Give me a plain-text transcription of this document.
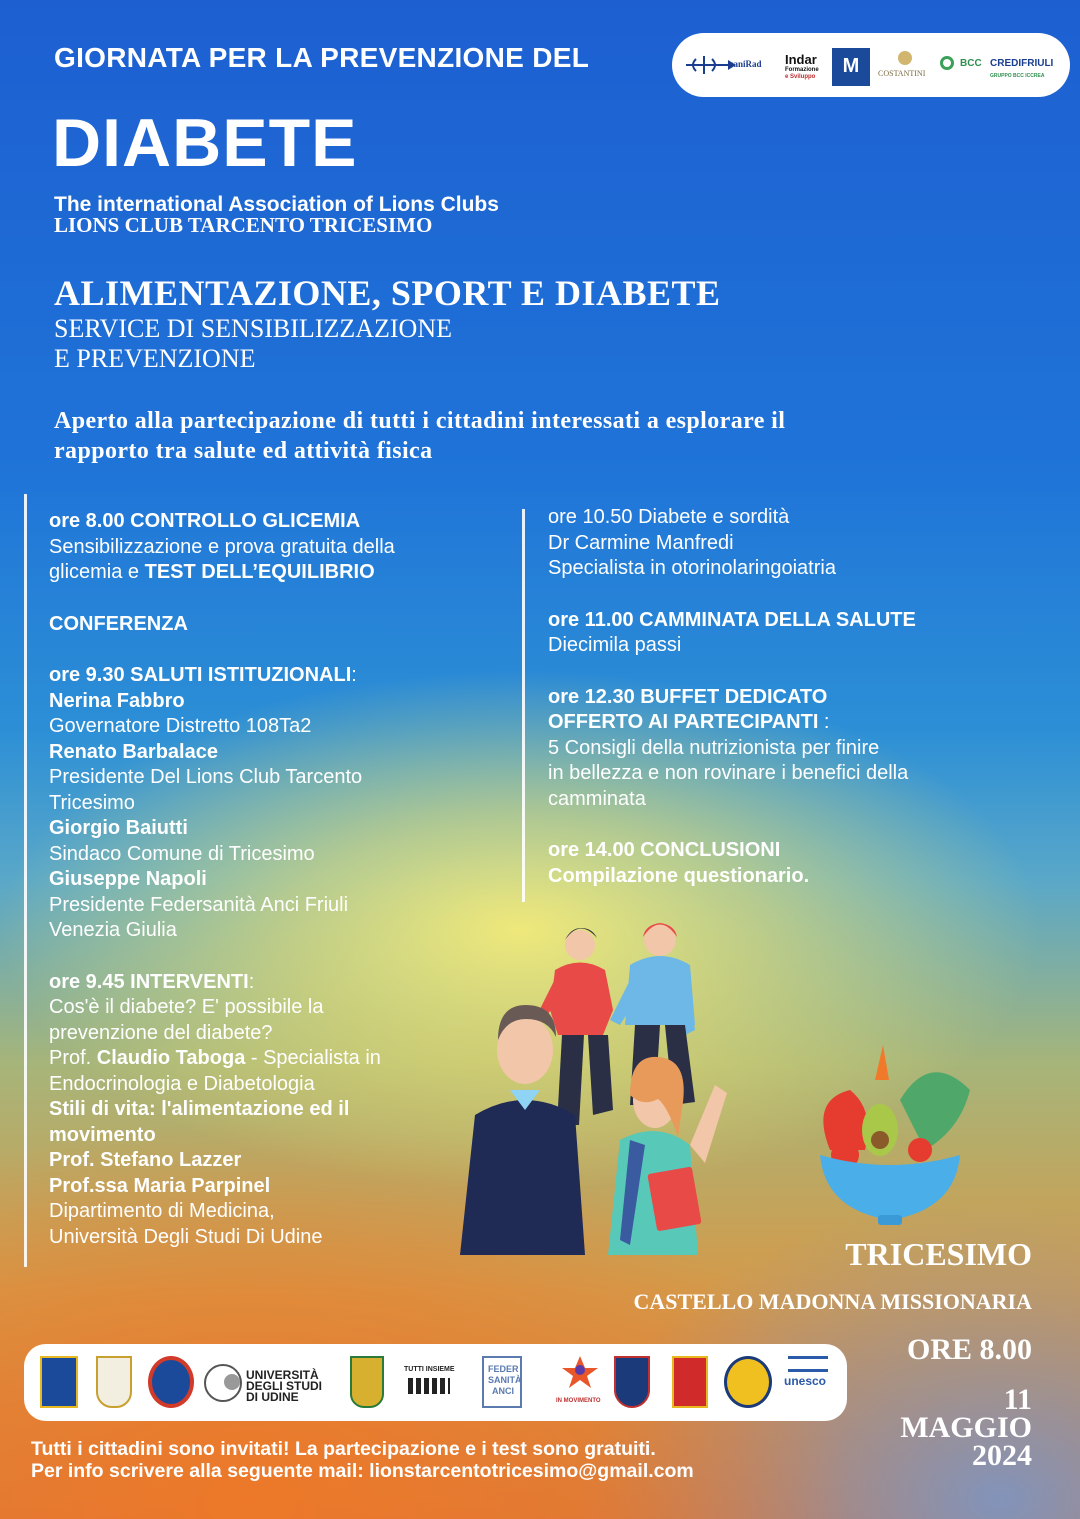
GIORNATA PER LA PREVENZIONE DEL
DIABETE
The international Association of Lions Clubs
LIONS CLUB TARCENTO TRICESIMO
saniRad Indar
Formazione
e Sviluppo	M	COSTANTINI
BCC CREDIFRIULI
GRUPPO BCC ICCREA
ALIMENTAZIONE, SPORT E DIABETE
SERVICE DI SENSIBILIZZAZIONE
E PREVENZIONE
Aperto alla partecipazione di tutti i cittadini interessati a esplorare il
rapporto tra salute ed attività fisica
ore 8.00 CONTROLLO GLICEMIA
Sensibilizzazione e prova gratuita della
glicemia e TEST DELL’EQUILIBRIO
CONFERENZA
ore 9.30 SALUTI ISTITUZIONALI:
Nerina Fabbro
Governatore Distretto 108Ta2
Renato Barbalace
Presidente Del Lions Club Tarcento
Tricesimo
Giorgio Baiutti
Sindaco Comune di Tricesimo
Giuseppe Napoli
Presidente Federsanità Anci Friuli
Venezia Giulia
ore 9.45 INTERVENTI:
Cos'è il diabete? E' possibile la
prevenzione del diabete?
Prof. Claudio Taboga - Specialista in
Endocrinologia e Diabetologia
Stili di vita: l'alimentazione ed il
movimento
Prof. Stefano Lazzer
Prof.ssa Maria Parpinel
Dipartimento di Medicina,
Università Degli Studi Di Udine
ore 10.50 Diabete e sordità
Dr Carmine Manfredi
Specialista in otorinolaringoiatria
ore 11.00 CAMMINATA DELLA SALUTE
Diecimila passi
ore 12.30 BUFFET DEDICATO
OFFERTO AI PARTECIPANTI :
5 Consigli della nutrizionista per finire
in bellezza e non rovinare i benefici della
camminata
ore 14.00 CONCLUSIONI
Compilazione questionario.
TRICESIMO
CASTELLO MADONNA MISSIONARIA
ORE 8.00
11
MAGGIO
2024
UNIVERSITÀ
DEGLI STUDI
DI UDINE
TUTTI INSIEME	FEDER
SANITÀ
ANCI
IN MOVIMENTO
unesco
Tutti i cittadini sono invitati! La partecipazione e i test sono gratuiti.
Per info scrivere alla seguente mail: lionstarcentotricesimo@gmail.com
